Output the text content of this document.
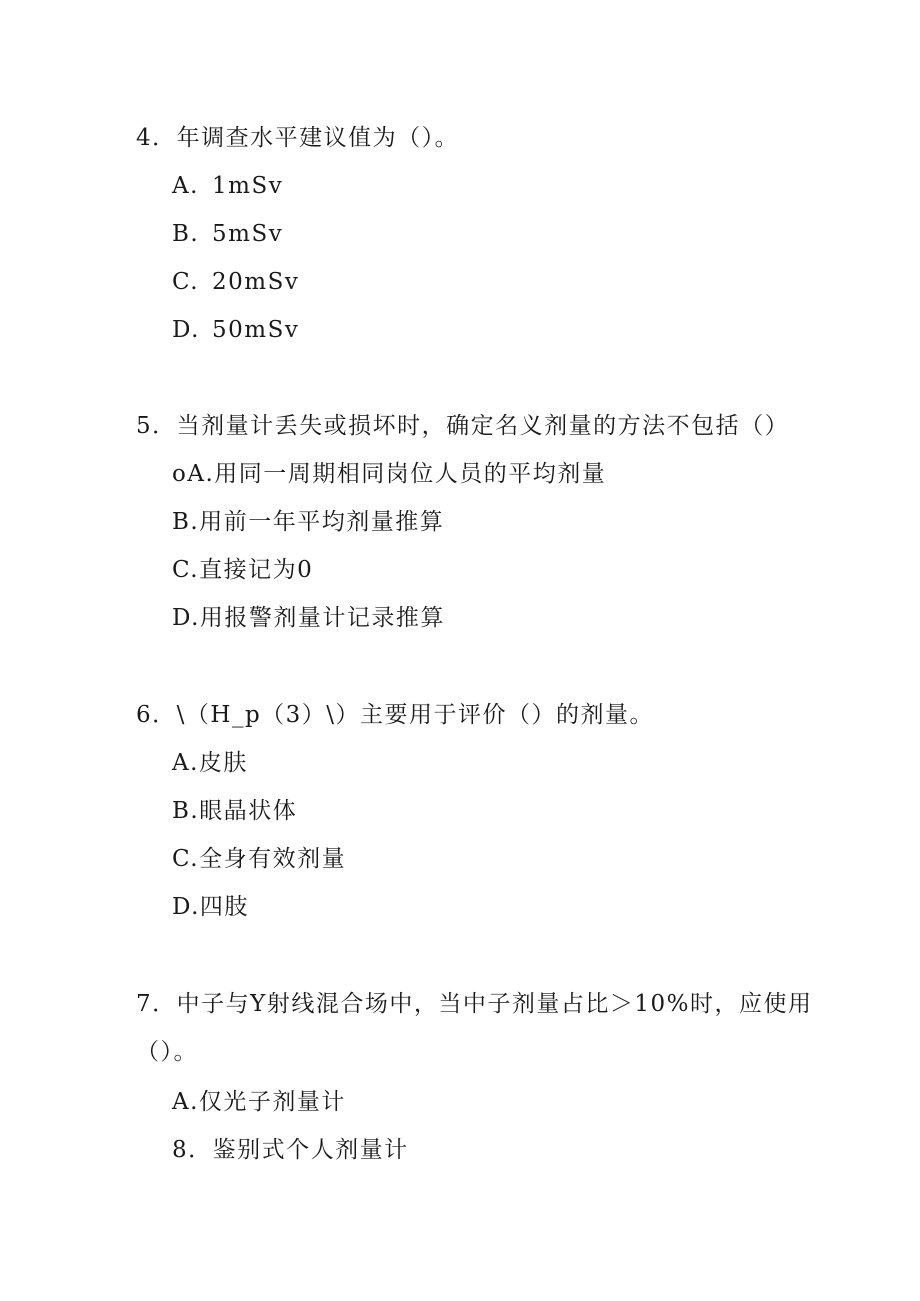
4．年调查水平建议值为（）。
A. 1mSv
B. 5mSv
C. 20mSv
D. 50mSv
5．当剂量计丢失或损坏时，确定名义剂量的方法不包括（）
oA.用同一周期相同岗位人员的平均剂量
B.用前一年平均剂量推算
C.直接记为0
D.用报警剂量计记录推算
6．\（H_p（3）\）主要用于评价（）的剂量。
A.皮肤
B.眼晶状体
C.全身有效剂量
D.四肢
7．中子与Y射线混合场中，当中子剂量占比＞10%时，应使用
（）。
A.仅光子剂量计
8．鉴别式个人剂量计
